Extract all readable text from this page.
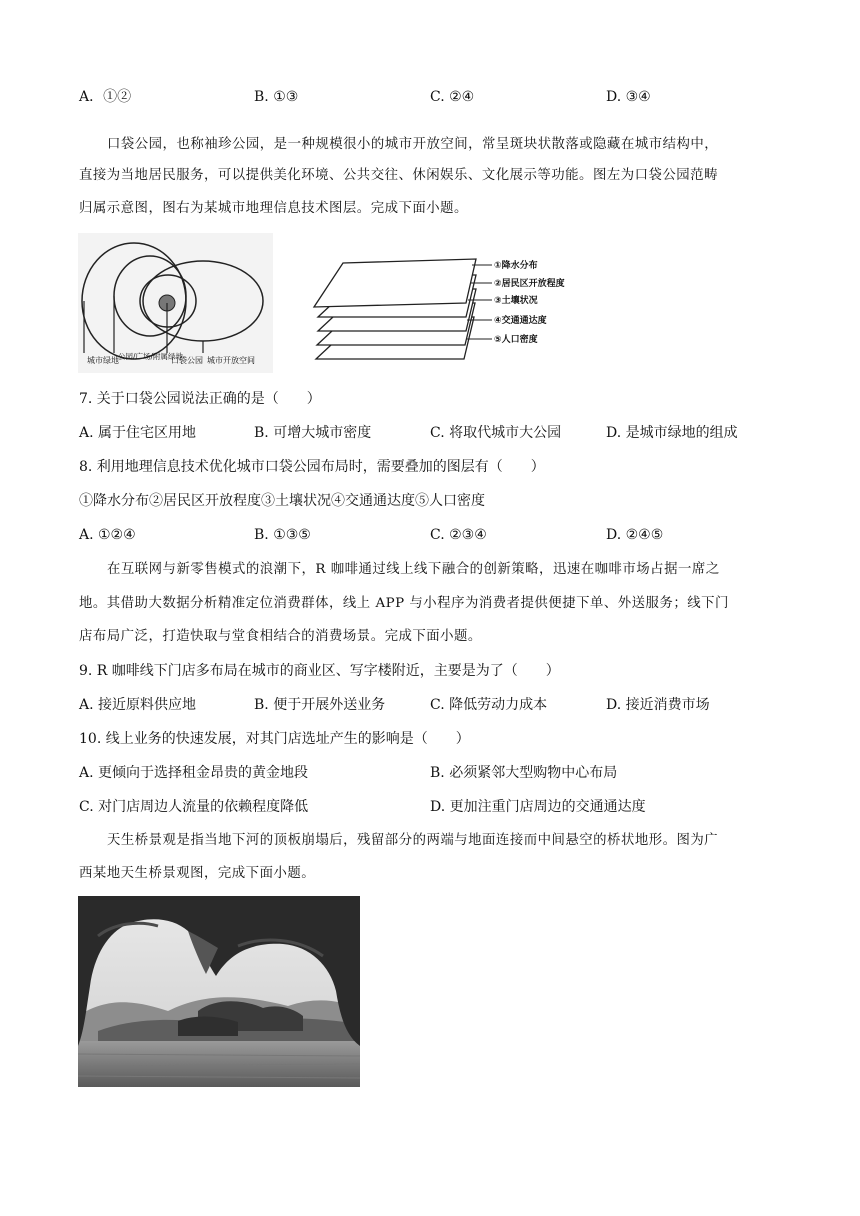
A．①②	B. ①③	C. ②④	D. ③④
口袋公园，也称袖珍公园，是一种规模很小的城市开放空间，常呈斑块状散落或隐藏在城市结构中，
直接为当地居民服务，可以提供美化环境、公共交往、休闲娱乐、文化展示等功能。图左为口袋公园范畴
归属示意图，图右为某城市地理信息技术图层。完成下面小题。
城市绿地 公园/广场/附属绿地
口袋公园 城市开放空间
①降水分布
②居民区开放程度
③土壤状况
④交通通达度
⑤人口密度
7. 关于口袋公园说法正确的是（　　）
A. 属于住宅区用地	B. 可增大城市密度	C. 将取代城市大公园	D. 是城市绿地的组成
8. 利用地理信息技术优化城市口袋公园布局时，需要叠加的图层有（　　）
①降水分布②居民区开放程度③土壤状况④交通通达度⑤人口密度
A. ①②④	B. ①③⑤	C. ②③④	D. ②④⑤
在互联网与新零售模式的浪潮下，R 咖啡通过线上线下融合的创新策略，迅速在咖啡市场占据一席之
地。其借助大数据分析精准定位消费群体，线上 APP 与小程序为消费者提供便捷下单、外送服务；线下门
店布局广泛，打造快取与堂食相结合的消费场景。完成下面小题。
9. R 咖啡线下门店多布局在城市的商业区、写字楼附近，主要是为了（　　）
A. 接近原料供应地	B. 便于开展外送业务	C. 降低劳动力成本	D. 接近消费市场
10. 线上业务的快速发展，对其门店选址产生的影响是（　　）
A. 更倾向于选择租金昂贵的黄金地段	B. 必须紧邻大型购物中心布局
C. 对门店周边人流量的依赖程度降低	D. 更加注重门店周边的交通通达度
天生桥景观是指当地下河的顶板崩塌后，残留部分的两端与地面连接而中间悬空的桥状地形。图为广
西某地天生桥景观图，完成下面小题。
